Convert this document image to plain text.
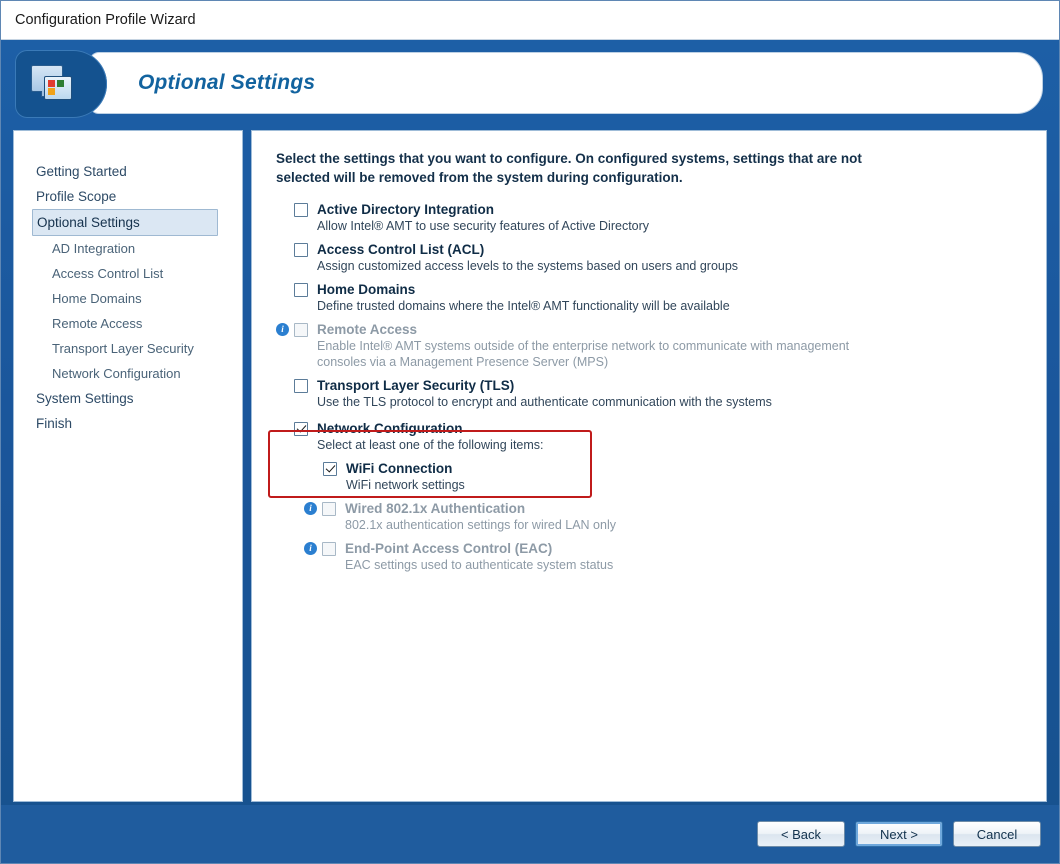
Configuration Profile Wizard
Optional Settings
Getting Started
Profile Scope
Optional Settings
AD Integration
Access Control List
Home Domains
Remote Access
Transport Layer Security
Network Configuration
System Settings
Finish
Select the settings that you want to configure. On configured systems, settings that are not selected will be removed from the system during configuration.
Active Directory Integration
Allow Intel® AMT to use security features of Active Directory
Access Control List (ACL)
Assign customized access levels to the systems based on users and groups
Home Domains
Define trusted domains where the Intel® AMT functionality will be available
i	Remote Access
Enable Intel® AMT systems outside of the enterprise network to communicate with management consoles via a Management Presence Server (MPS)
Transport Layer Security (TLS)
Use the TLS protocol to encrypt and authenticate communication with the systems
Network Configuration
Select at least one of the following items:
WiFi Connection
WiFi network settings
i	Wired 802.1x Authentication
802.1x authentication settings for wired LAN only
i	End-Point Access Control (EAC)
EAC settings used to authenticate system status
< Back	Next >	Cancel
